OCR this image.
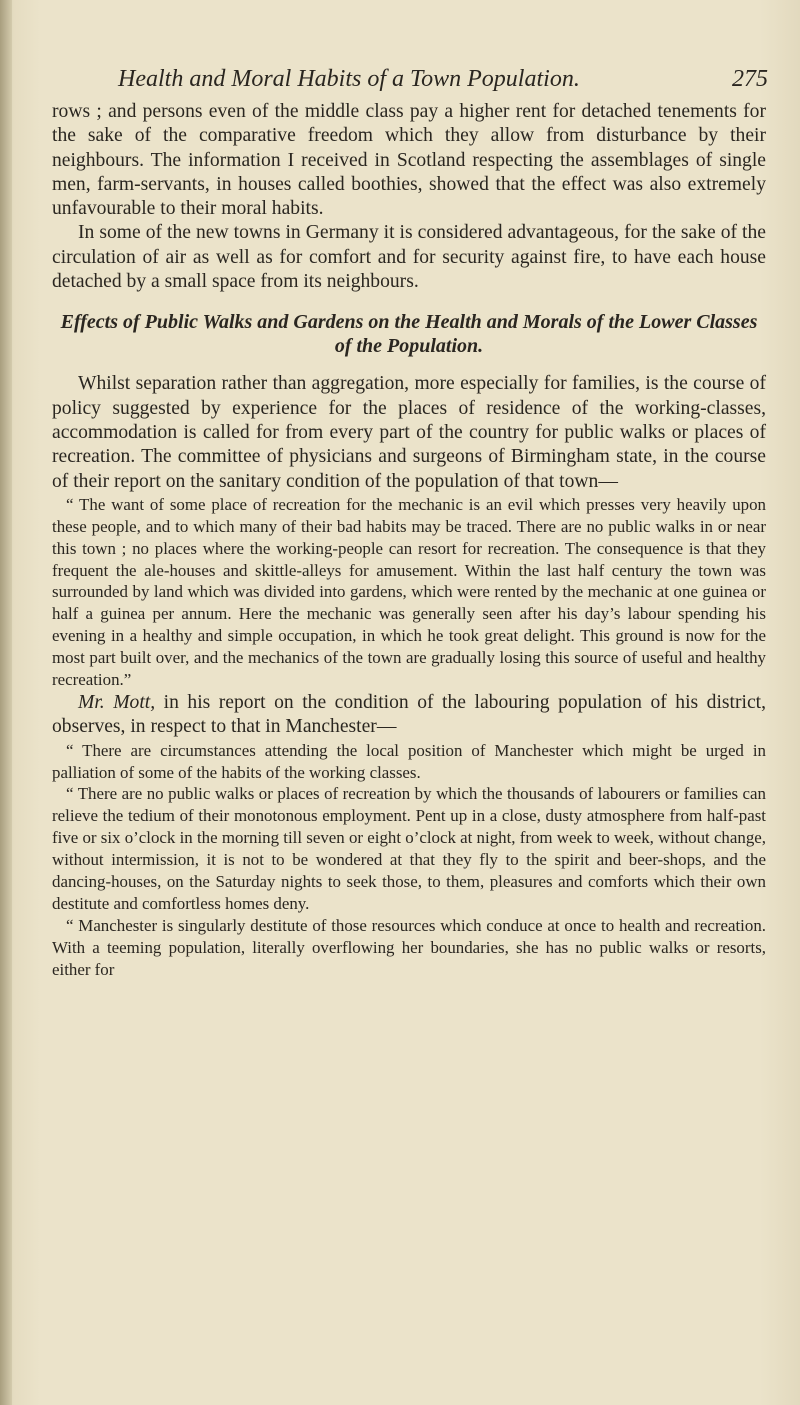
Health and Moral Habits of a Town Population.	275

rows ; and persons even of the middle class pay a higher rent for detached tenements for the sake of the comparative freedom which they allow from disturbance by their neighbours. The information I received in Scotland respecting the assemblages of single men, farm-servants, in houses called boothies, showed that the effect was also extremely unfavourable to their moral habits.

In some of the new towns in Germany it is considered advantageous, for the sake of the circulation of air as well as for comfort and for security against fire, to have each house detached by a small space from its neighbours.

Effects of Public Walks and Gardens on the Health and Morals of the Lower Classes of the Population.

Whilst separation rather than aggregation, more especially for families, is the course of policy suggested by experience for the places of residence of the working-classes, accommodation is called for from every part of the country for public walks or places of recreation. The committee of physicians and surgeons of Birmingham state, in the course of their report on the sanitary condition of the population of that town—

“ The want of some place of recreation for the mechanic is an evil which presses very heavily upon these people, and to which many of their bad habits may be traced. There are no public walks in or near this town ; no places where the working-people can resort for recreation. The consequence is that they frequent the ale-houses and skittle-alleys for amusement. Within the last half century the town was surrounded by land which was divided into gardens, which were rented by the mechanic at one guinea or half a guinea per annum. Here the mechanic was generally seen after his day’s labour spending his evening in a healthy and simple occupation, in which he took great delight. This ground is now for the most part built over, and the mechanics of the town are gradually losing this source of useful and healthy recreation.”

Mr. Mott, in his report on the condition of the labouring population of his district, observes, in respect to that in Manchester—

“ There are circumstances attending the local position of Manchester which might be urged in palliation of some of the habits of the working classes.

“ There are no public walks or places of recreation by which the thousands of labourers or families can relieve the tedium of their monotonous employment. Pent up in a close, dusty atmosphere from half-past five or six o’clock in the morning till seven or eight o’clock at night, from week to week, without change, without intermission, it is not to be wondered at that they fly to the spirit and beer-shops, and the dancing-houses, on the Saturday nights to seek those, to them, pleasures and comforts which their own destitute and comfortless homes deny.

“ Manchester is singularly destitute of those resources which conduce at once to health and recreation. With a teeming population, literally overflowing her boundaries, she has no public walks or resorts, either for
